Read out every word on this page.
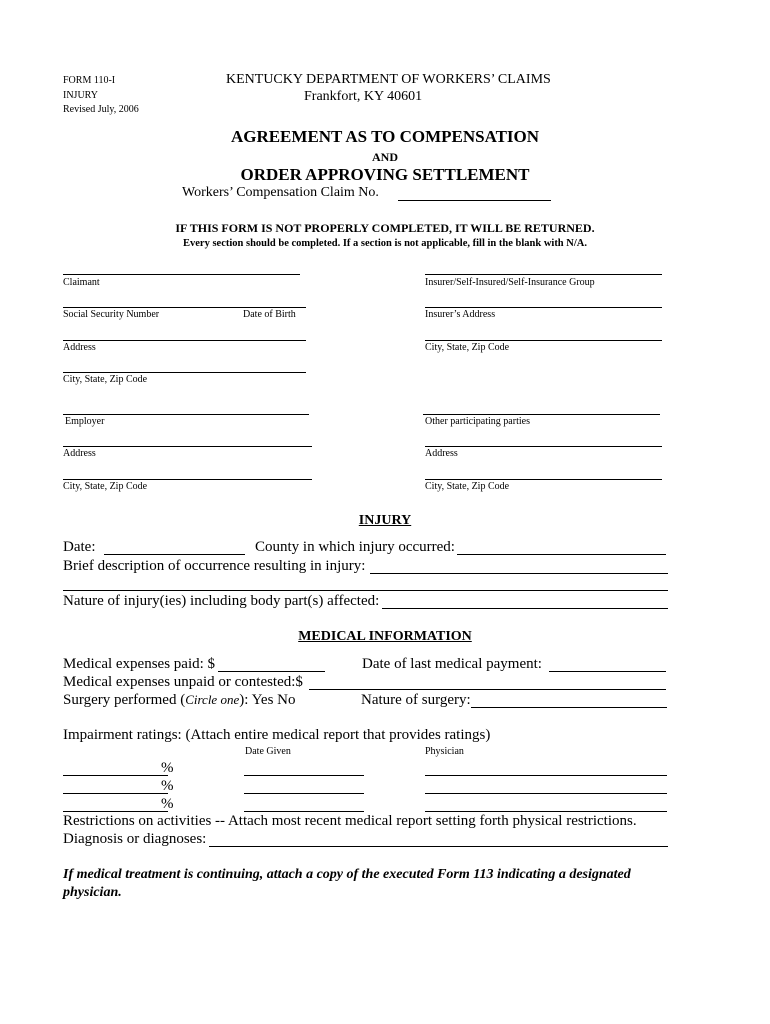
FORM 110-I
INJURY
Revised July, 2006
KENTUCKY DEPARTMENT OF WORKERS’ CLAIMS
Frankfort, KY 40601
AGREEMENT AS TO COMPENSATION
AND
ORDER APPROVING SETTLEMENT
Workers’ Compensation Claim No.
IF THIS FORM IS NOT PROPERLY COMPLETED, IT WILL BE RETURNED.
Every section should be completed. If a section is not applicable, fill in the blank with N/A.
Claimant
Social Security Number	Date of Birth
Address
City, State, Zip Code
Employer
Address
City, State, Zip Code
Insurer/Self-Insured/Self-Insurance Group
Insurer’s Address
City, State, Zip Code
Other participating parties
Address
City, State, Zip Code
INJURY
Date:	County in which injury occurred:
Brief description of occurrence resulting in injury:
Nature of injury(ies) including body part(s) affected:
MEDICAL INFORMATION
Medical expenses paid: $	Date of last medical payment:
Medical expenses unpaid or contested:$
Surgery performed (Circle one): Yes No	Nature of surgery:
Impairment ratings: (Attach entire medical report that provides ratings)
Date Given	Physician
%
%
%
Restrictions on activities -- Attach most recent medical report setting forth physical restrictions.
Diagnosis or diagnoses:
If medical treatment is continuing, attach a copy of the executed Form 113 indicating a designated physician.
